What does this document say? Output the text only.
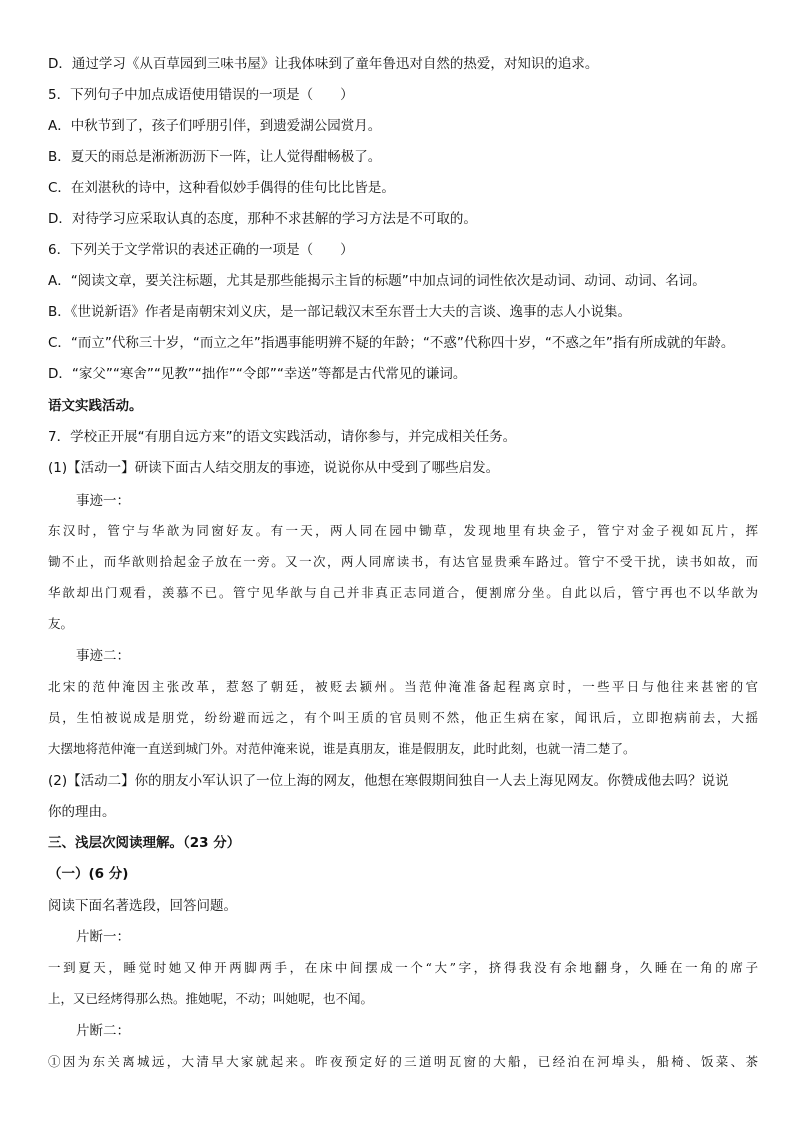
D．通过学习《从百草园到三味书屋》让我体味到了童年鲁迅对自然的热爱，对知识的追求。
5．下列句子中加点成语使用错误的一项是（　　）
A．中秋节到了，孩子们呼朋引伴，到遗爱湖公园赏月。
B．夏天的雨总是淅淅沥沥下一阵，让人觉得酣畅极了。
C．在刘湛秋的诗中，这种看似妙手偶得的佳句比比皆是。
D．对待学习应采取认真的态度，那种不求甚解的学习方法是不可取的。
6．下列关于文学常识的表述正确的一项是（　　）
A．“阅读文章，要关注标题，尤其是那些能揭示主旨的标题”中加点词的词性依次是动词、动词、动词、名词。
B．《世说新语》作者是南朝宋刘义庆，是一部记载汉末至东晋士大夫的言谈、逸事的志人小说集。
C．“而立”代称三十岁，“而立之年”指遇事能明辨不疑的年龄；“不惑”代称四十岁，“不惑之年”指有所成就的年龄。
D．“家父”“寒舍”“见教”“拙作”“令郎”“幸送”等都是古代常见的谦词。
语文实践活动。
7．学校正开展“有朋自远方来”的语文实践活动，请你参与，并完成相关任务。
(1)【活动一】研读下面古人结交朋友的事迹，说说你从中受到了哪些启发。
事迹一：
东汉时，管宁与华歆为同窗好友。有一天，两人同在园中锄草，发现地里有块金子，管宁对金子视如瓦片，挥
锄不止，而华歆则拾起金子放在一旁。又一次，两人同席读书，有达官显贵乘车路过。管宁不受干扰，读书如故，而
华歆却出门观看，羡慕不已。管宁见华歆与自己并非真正志同道合，便割席分坐。自此以后，管宁再也不以华歆为
友。
事迹二：
北宋的范仲淹因主张改革，惹怒了朝廷，被贬去颍州。当范仲淹准备起程离京时，一些平日与他往来甚密的官
员，生怕被说成是朋党，纷纷避而远之，有个叫王质的官员则不然，他正生病在家，闻讯后，立即抱病前去，大摇
大摆地将范仲淹一直送到城门外。对范仲淹来说，谁是真朋友，谁是假朋友，此时此刻，也就一清二楚了。
(2)【活动二】你的朋友小军认识了一位上海的网友，他想在寒假期间独自一人去上海见网友。你赞成他去吗？说说
你的理由。
三、浅层次阅读理解。（23 分）
（一）(6 分)
阅读下面名著选段，回答问题。
片断一：
一到夏天，睡觉时她又伸开两脚两手，在床中间摆成一个“大”字，挤得我没有余地翻身，久睡在一角的席子
上，又已经烤得那么热。推她呢，不动；叫她呢，也不闻。
片断二：
①因为东关离城远，大清早大家就起来。昨夜预定好的三道明瓦窗的大船，已经泊在河埠头，船椅、饭菜、茶
